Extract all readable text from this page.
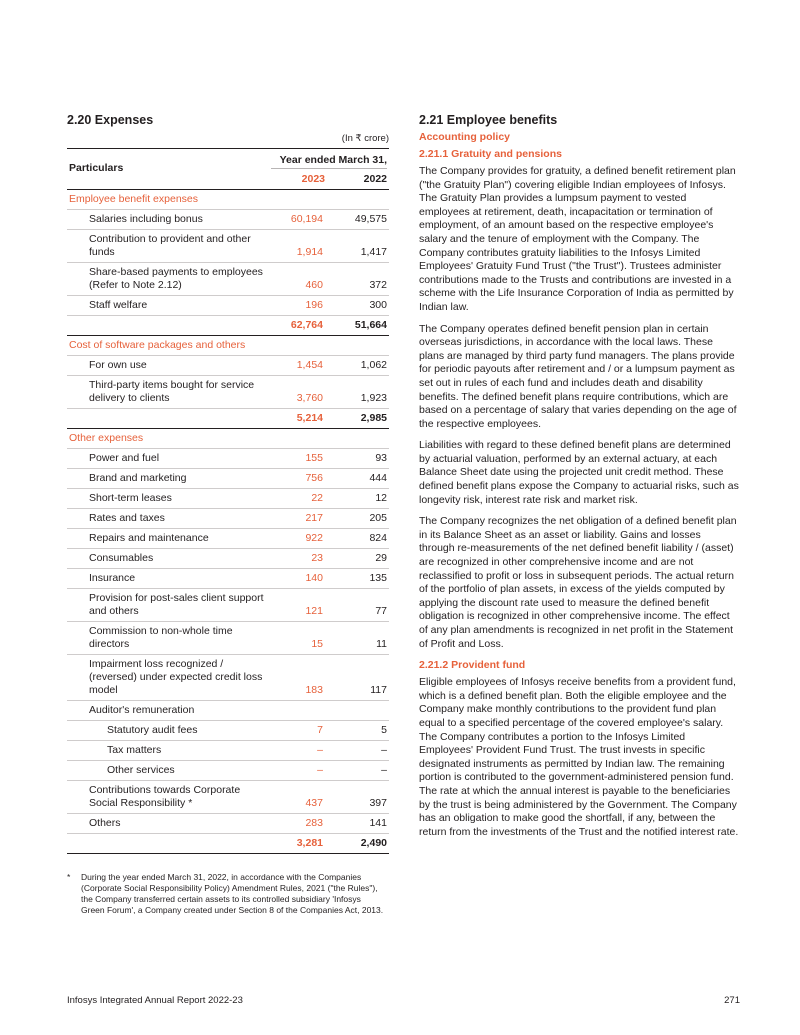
2.20 Expenses
(In ₹ crore)
Particulars
Year ended March 31,
2023	2022
Employee benefit expenses
Salaries including bonus	60,194	49,575
Contribution to provident and other funds	1,914	1,417
Share-based payments to employees (Refer to Note 2.12)	460	372
Staff welfare	196	300
62,764	51,664
Cost of software packages and others
For own use	1,454	1,062
Third-party items bought for service delivery to clients	3,760	1,923
5,214	2,985
Other expenses
Power and fuel	155	93
Brand and marketing	756	444
Short-term leases	22	12
Rates and taxes	217	205
Repairs and maintenance	922	824
Consumables	23	29
Insurance	140	135
Provision for post-sales client support and others	121	77
Commission to non-whole time directors	15	11
Impairment loss recognized / (reversed) under expected credit loss model	183	117
Auditor's remuneration
Statutory audit fees	7	5
Tax matters	–	–
Other services	–	–
Contributions towards Corporate Social Responsibility *	437	397
Others	283	141
3,281	2,490
*	During the year ended March 31, 2022, in accordance with the Companies (Corporate Social Responsibility Policy) Amendment Rules, 2021 ("the Rules"), the Company transferred certain assets to its controlled subsidiary 'Infosys Green Forum', a Company created under Section 8 of the Companies Act, 2013.
2.21 Employee benefits
Accounting policy
2.21.1 Gratuity and pensions

The Company provides for gratuity, a defined benefit retirement plan ("the Gratuity Plan") covering eligible Indian employees of Infosys. The Gratuity Plan provides a lumpsum payment to vested employees at retirement, death, incapacitation or termination of employment, of an amount based on the respective employee's salary and the tenure of employment with the Company. The Company contributes gratuity liabilities to the Infosys Limited Employees' Gratuity Fund Trust ("the Trust"). Trustees administer contributions made to the Trusts and contributions are invested in a scheme with the Life Insurance Corporation of India as permitted by Indian law.

The Company operates defined benefit pension plan in certain overseas jurisdictions, in accordance with the local laws. These plans are managed by third party fund managers. The plans provide for periodic payouts after retirement and / or a lumpsum payment as set out in rules of each fund and includes death and disability benefits. The defined benefit plans require contributions, which are based on a percentage of salary that varies depending on the age of the respective employees.

Liabilities with regard to these defined benefit plans are determined by actuarial valuation, performed by an external actuary, at each Balance Sheet date using the projected unit credit method. These defined benefit plans expose the Company to actuarial risks, such as longevity risk, interest rate risk and market risk.

The Company recognizes the net obligation of a defined benefit plan in its Balance Sheet as an asset or liability. Gains and losses through re-measurements of the net defined benefit liability / (asset) are recognized in other comprehensive income and are not reclassified to profit or loss in subsequent periods. The actual return of the portfolio of plan assets, in excess of the yields computed by applying the discount rate used to measure the defined benefit obligation is recognized in other comprehensive income. The effect of any plan amendments is recognized in net profit in the Statement of Profit and Loss.

2.21.2 Provident fund

Eligible employees of Infosys receive benefits from a provident fund, which is a defined benefit plan. Both the eligible employee and the Company make monthly contributions to the provident fund plan equal to a specified percentage of the covered employee's salary. The Company contributes a portion to the Infosys Limited Employees' Provident Fund Trust. The trust invests in specific designated instruments as permitted by Indian law. The remaining portion is contributed to the government-administered pension fund. The rate at which the annual interest is payable to the beneficiaries by the trust is being administered by the Government. The Company has an obligation to make good the shortfall, if any, between the return from the investments of the Trust and the notified interest rate.

Infosys Integrated Annual Report 2022-23	271
